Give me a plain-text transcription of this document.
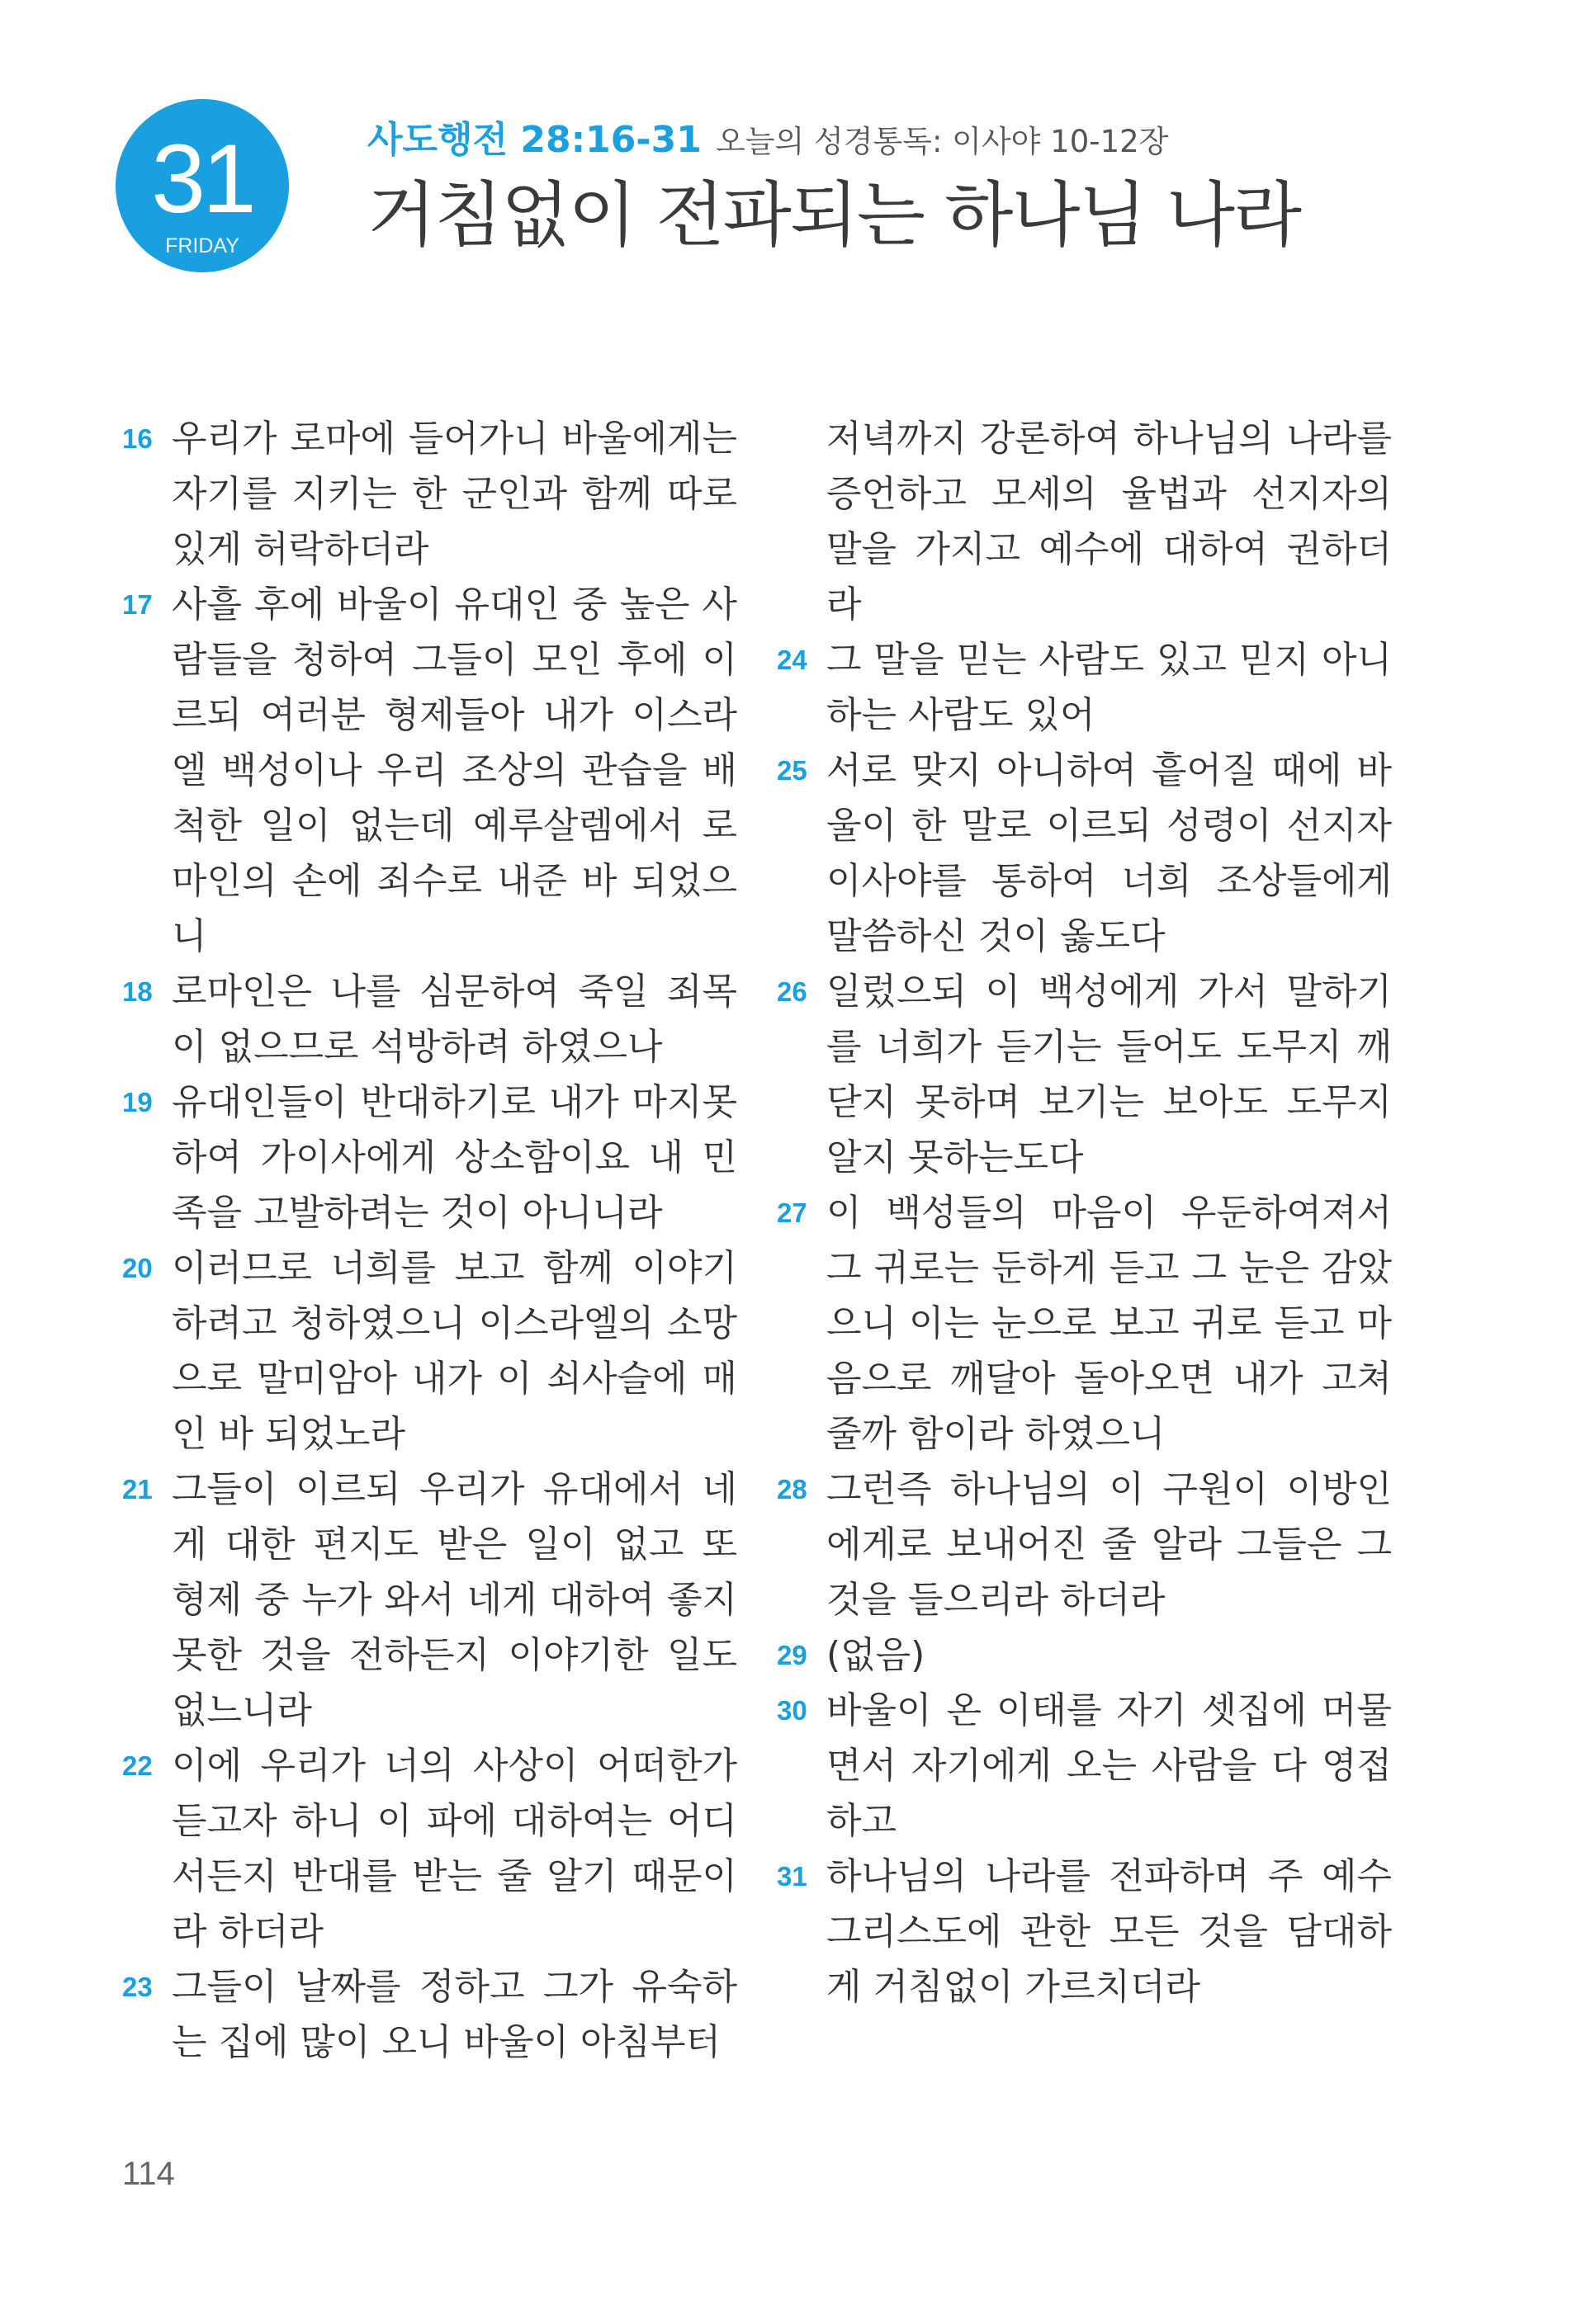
31
FRIDAY
사도행전 28:16-31 오늘의 성경통독: 이사야 10-12장
거침없이 전파되는 하나님 나라
16 우리가 로마에 들어가니 바울에게는 자기를 지키는 한 군인과 함께 따로 있게 허락하더라
17 사흘 후에 바울이 유대인 중 높은 사람들을 청하여 그들이 모인 후에 이르되 여러분 형제들아 내가 이스라엘 백성이나 우리 조상의 관습을 배척한 일이 없는데 예루살렘에서 로마인의 손에 죄수로 내준 바 되었으니
18 로마인은 나를 심문하여 죽일 죄목이 없으므로 석방하려 하였으나
19 유대인들이 반대하기로 내가 마지못하여 가이사에게 상소함이요 내 민족을 고발하려는 것이 아니니라
20 이러므로 너희를 보고 함께 이야기하려고 청하였으니 이스라엘의 소망으로 말미암아 내가 이 쇠사슬에 매인 바 되었노라
21 그들이 이르되 우리가 유대에서 네게 대한 편지도 받은 일이 없고 또 형제 중 누가 와서 네게 대하여 좋지 못한 것을 전하든지 이야기한 일도 없느니라
22 이에 우리가 너의 사상이 어떠한가 듣고자 하니 이 파에 대하여는 어디서든지 반대를 받는 줄 알기 때문이라 하더라
23 그들이 날짜를 정하고 그가 유숙하는 집에 많이 오니 바울이 아침부터
저녁까지 강론하여 하나님의 나라를 증언하고 모세의 율법과 선지자의 말을 가지고 예수에 대하여 권하더라
24 그 말을 믿는 사람도 있고 믿지 아니하는 사람도 있어
25 서로 맞지 아니하여 흩어질 때에 바울이 한 말로 이르되 성령이 선지자 이사야를 통하여 너희 조상들에게 말씀하신 것이 옳도다
26 일렀으되 이 백성에게 가서 말하기를 너희가 듣기는 들어도 도무지 깨닫지 못하며 보기는 보아도 도무지 알지 못하는도다
27 이 백성들의 마음이 우둔하여져서 그 귀로는 둔하게 듣고 그 눈은 감았으니 이는 눈으로 보고 귀로 듣고 마음으로 깨달아 돌아오면 내가 고쳐 줄까 함이라 하였으니
28 그런즉 하나님의 이 구원이 이방인에게로 보내어진 줄 알라 그들은 그것을 들으리라 하더라
29 (없음)
30 바울이 온 이태를 자기 셋집에 머물면서 자기에게 오는 사람을 다 영접하고
31 하나님의 나라를 전파하며 주 예수 그리스도에 관한 모든 것을 담대하게 거침없이 가르치더라
114
